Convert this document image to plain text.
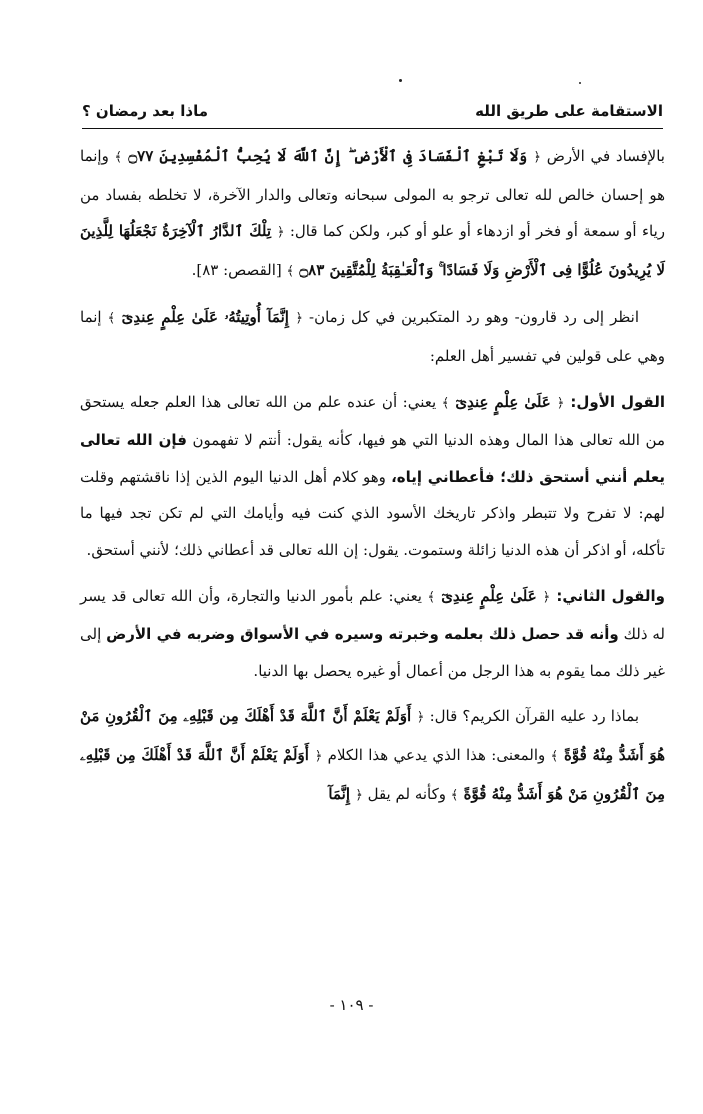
الاستقامة على طريق الله
ماذا بعد رمضان ؟

بالإفساد في الأرض ﴿ وَلَا تَبْغِ ٱلْفَسَادَ فِى ٱلْأَرْضِ ۖ إِنَّ ٱللَّهَ لَا يُحِبُّ ٱلْمُفْسِدِينَ ۝٧٧ ﴾ وإنما هو إحسان خالص لله تعالى ترجو به المولى سبحانه وتعالى والدار الآخرة، لا تخلطه بفساد من رياء أو سمعة أو فخر أو ازدهاء أو علو أو كبر، ولكن كما قال: ﴿ تِلْكَ ٱلدَّارُ ٱلْآخِرَةُ نَجْعَلُهَا لِلَّذِينَ لَا يُرِيدُونَ عُلُوًّا فِى ٱلْأَرْضِ وَلَا فَسَادًا ۚ وَٱلْعَـٰقِبَةُ لِلْمُتَّقِينَ ۝٨٣ ﴾ [القصص: ٨٣].

انظر إلى رد قارون- وهو رد المتكبرين في كل زمان- ﴿ إِنَّمَآ أُوتِيتُهُۥ عَلَىٰ عِلْمٍ عِندِىٓ ﴾ إنما وهي على قولين في تفسير أهل العلم:

القول الأول: ﴿ عَلَىٰ عِلْمٍ عِندِىٓ ﴾ يعني: أن عنده علم من الله تعالى هذا العلم جعله يستحق من الله تعالى هذا المال وهذه الدنيا التي هو فيها، كأنه يقول: أنتم لا تفهمون فإن الله تعالى يعلم أنني أستحق ذلك؛ فأعطاني إياه، وهو كلام أهل الدنيا اليوم الذين إذا ناقشتهم وقلت لهم: لا تفرح ولا تتبطر واذكر تاريخك الأسود الذي كنت فيه وأيامك التي لم تكن تجد فيها ما تأكله، أو اذكر أن هذه الدنيا زائلة وستموت. يقول: إن الله تعالى قد أعطاني ذلك؛ لأنني أستحق.

والقول الثاني: ﴿ عَلَىٰ عِلْمٍ عِندِىٓ ﴾ يعني: علم بأمور الدنيا والتجارة، وأن الله تعالى قد يسر له ذلك وأنه قد حصل ذلك بعلمه وخبرته وسيره في الأسواق وضربه في الأرض إلى غير ذلك مما يقوم به هذا الرجل من أعمال أو غيره يحصل بها الدنيا.

بماذا رد عليه القرآن الكريم؟ قال: ﴿ أَوَلَمْ يَعْلَمْ أَنَّ ٱللَّهَ قَدْ أَهْلَكَ مِن قَبْلِهِۦ مِنَ ٱلْقُرُونِ مَنْ هُوَ أَشَدُّ مِنْهُ قُوَّةً ﴾ والمعنى: هذا الذي يدعي هذا الكلام ﴿ أَوَلَمْ يَعْلَمْ أَنَّ ٱللَّهَ قَدْ أَهْلَكَ مِن قَبْلِهِۦ مِنَ ٱلْقُرُونِ مَنْ هُوَ أَشَدُّ مِنْهُ قُوَّةً ﴾ وكأنه لم يقل ﴿ إِنَّمَآ

- ١٠٩ -
